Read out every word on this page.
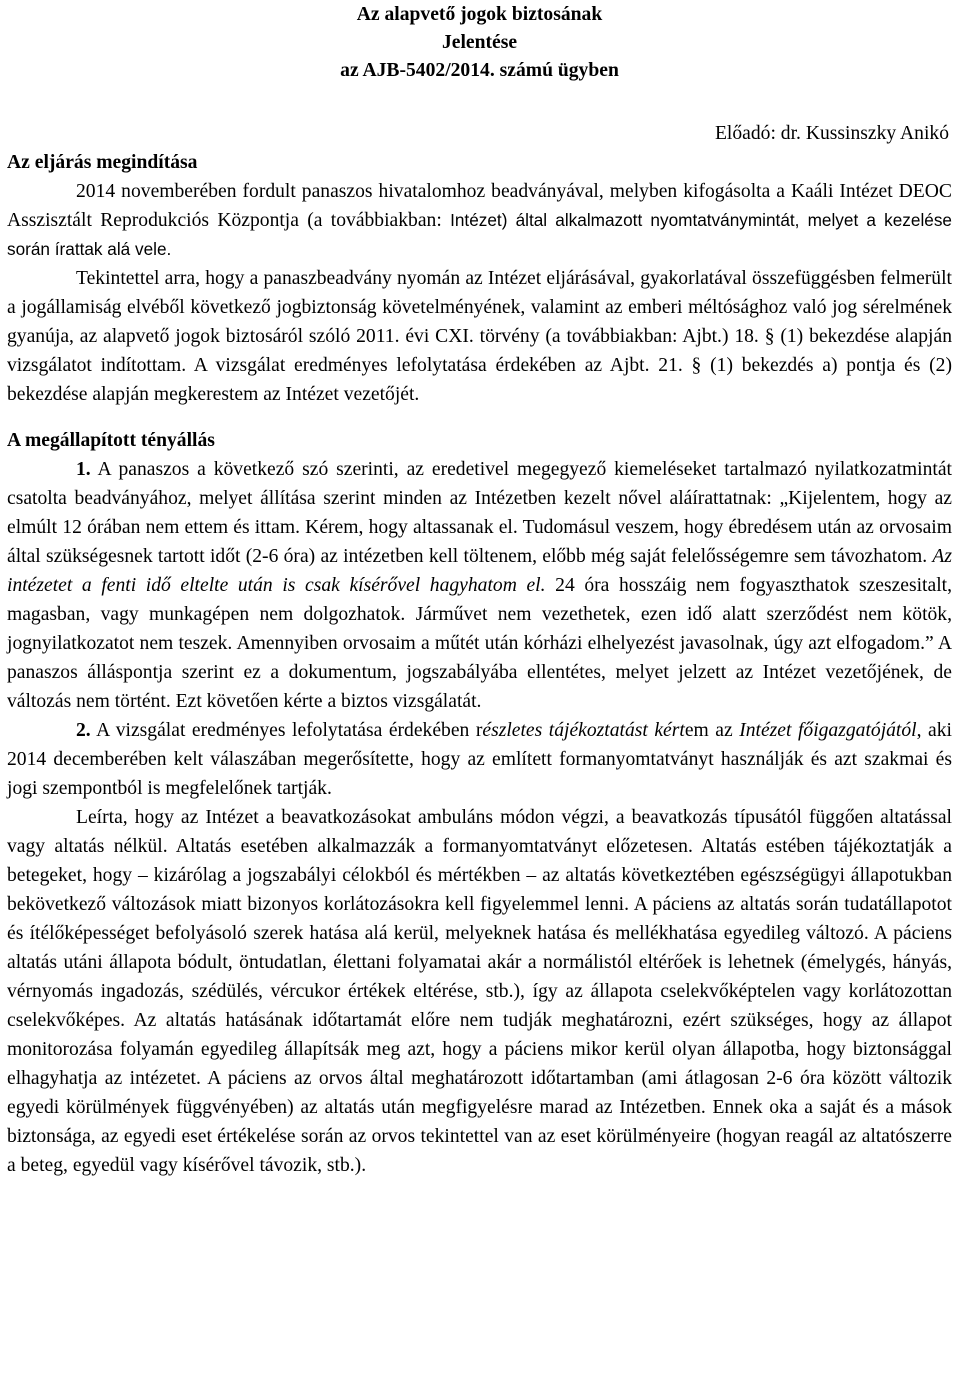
Az alapvető jogok biztosának
Jelentése
az AJB-5402/2014. számú ügyben
Előadó: dr. Kussinszky Anikó
Az eljárás megindítása

2014 novemberében fordult panaszos hivatalomhoz beadványával, melyben kifogásolta a Kaáli Intézet DEOC Asszisztált Reprodukciós Központja (a továbbiakban: Intézet) által alkalmazott nyomtatványmintát, melyet a kezelése során írattak alá vele.

Tekintettel arra, hogy a panaszbeadvány nyomán az Intézet eljárásával, gyakorlatával összefüggésben felmerült a jogállamiság elvéből következő jogbiztonság követelményének, valamint az emberi méltósághoz való jog sérelmének gyanúja, az alapvető jogok biztosáról szóló 2011. évi CXI. törvény (a továbbiakban: Ajbt.) 18. § (1) bekezdése alapján vizsgálatot indítottam. A vizsgálat eredményes lefolytatása érdekében az Ajbt. 21. § (1) bekezdés a) pontja és (2) bekezdése alapján megkerestem az Intézet vezetőjét.

A megállapított tényállás

1. A panaszos a következő szó szerinti, az eredetivel megegyező kiemeléseket tartalmazó nyilatkozatmintát csatolta beadványához, melyet állítása szerint minden az Intézetben kezelt nővel aláírattatnak: „Kijelentem, hogy az elmúlt 12 órában nem ettem és ittam. Kérem, hogy altassanak el. Tudomásul veszem, hogy ébredésem után az orvosaim által szükségesnek tartott időt (2-6 óra) az intézetben kell töltenem, előbb még saját felelősségemre sem távozhatom. Az intézetet a fenti idő eltelte után is csak kísérővel hagyhatom el. 24 óra hosszáig nem fogyaszthatok szeszesitalt, magasban, vagy munkagépen nem dolgozhatok. Járművet nem vezethetek, ezen idő alatt szerződést nem kötök, jognyilatkozatot nem teszek. Amennyiben orvosaim a műtét után kórházi elhelyezést javasolnak, úgy azt elfogadom.” A panaszos álláspontja szerint ez a dokumentum, jogszabályába ellentétes, melyet jelzett az Intézet vezetőjének, de változás nem történt. Ezt követően kérte a biztos vizsgálatát.

2. A vizsgálat eredményes lefolytatása érdekében részletes tájékoztatást kértem az Intézet főigazgatójától, aki 2014 decemberében kelt válaszában megerősítette, hogy az említett formanyomtatványt használják és azt szakmai és jogi szempontból is megfelelőnek tartják.

Leírta, hogy az Intézet a beavatkozásokat ambuláns módon végzi, a beavatkozás típusától függően altatással vagy altatás nélkül. Altatás esetében alkalmazzák a formanyomtatványt előzetesen. Altatás estében tájékoztatják a betegeket, hogy – kizárólag a jogszabályi célokból és mértékben – az altatás következtében egészségügyi állapotukban bekövetkező változások miatt bizonyos korlátozásokra kell figyelemmel lenni. A páciens az altatás során tudatállapotot és ítélőképességet befolyásoló szerek hatása alá kerül, melyeknek hatása és mellékhatása egyedileg változó. A páciens altatás utáni állapota bódult, öntudatlan, élettani folyamatai akár a normálistól eltérőek is lehetnek (émelygés, hányás, vérnyomás ingadozás, szédülés, vércukor értékek eltérése, stb.), így az állapota cselekvőképtelen vagy korlátozottan cselekvőképes. Az altatás hatásának időtartamát előre nem tudják meghatározni, ezért szükséges, hogy az állapot monitorozása folyamán egyedileg állapítsák meg azt, hogy a páciens mikor kerül olyan állapotba, hogy biztonsággal elhagyhatja az intézetet. A páciens az orvos által meghatározott időtartamban (ami átlagosan 2-6 óra között változik egyedi körülmények függvényében) az altatás után megfigyelésre marad az Intézetben. Ennek oka a saját és a mások biztonsága, az egyedi eset értékelése során az orvos tekintettel van az eset körülményeire (hogyan reagál az altatószerre a beteg, egyedül vagy kísérővel távozik, stb.).
